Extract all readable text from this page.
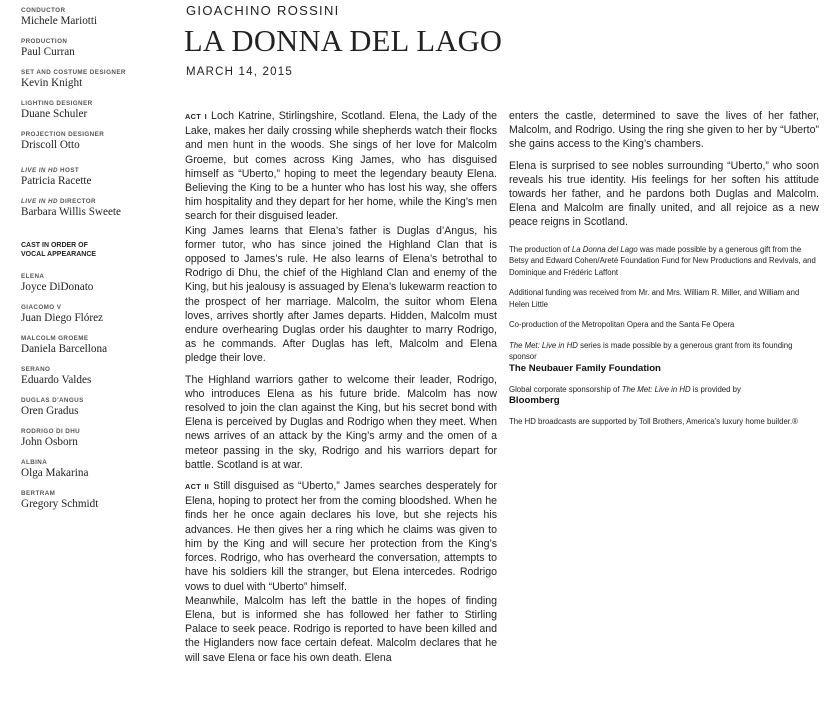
CONDUCTOR
Michele Mariotti
PRODUCTION
Paul Curran
SET AND COSTUME DESIGNER
Kevin Knight
LIGHTING DESIGNER
Duane Schuler
PROJECTION DESIGNER
Driscoll Otto
LIVE IN HD HOST
Patricia Racette
LIVE IN HD DIRECTOR
Barbara Willis Sweete
CAST IN ORDER OF
VOCAL APPEARANCE
ELENA
Joyce DiDonato
GIACOMO V
Juan Diego Flórez
MALCOLM GROEME
Daniela Barcellona
SERANO
Eduardo Valdes
DUGLAS D'ANGUS
Oren Gradus
RODRIGO DI DHU
John Osborn
ALBINA
Olga Makarina
BERTRAM
Gregory Schmidt
GIOACHINO ROSSINI
LA DONNA DEL LAGO
MARCH 14, 2015

ACT I Loch Katrine, Stirlingshire, Scotland. Elena, the Lady of the Lake, makes her daily crossing while shepherds watch their flocks and men hunt in the woods. She sings of her love for Malcolm Groeme, but comes across King James, who has disguised himself as “Uberto,” hoping to meet the legendary beauty Elena. Believing the King to be a hunter who has lost his way, she offers him hospitality and they depart for her home, while the King’s men search for their disguised leader.

King James learns that Elena’s father is Duglas d’Angus, his former tutor, who has since joined the Highland Clan that is opposed to James’s rule. He also learns of Elena’s betrothal to Rodrigo di Dhu, the chief of the Highland Clan and enemy of the King, but his jealousy is assuaged by Elena’s lukewarm reaction to the prospect of her marriage. Malcolm, the suitor whom Elena loves, arrives shortly after James departs. Hidden, Malcolm must endure overhearing Duglas order his daughter to marry Rodrigo, as he commands. After Duglas has left, Malcolm and Elena pledge their love.

The Highland warriors gather to welcome their leader, Rodrigo, who introduces Elena as his future bride. Malcolm has now resolved to join the clan against the King, but his secret bond with Elena is perceived by Duglas and Rodrigo when they meet. When news arrives of an attack by the King’s army and the omen of a meteor passing in the sky, Rodrigo and his warriors depart for battle. Scotland is at war.

ACT II Still disguised as “Uberto,” James searches desperately for Elena, hoping to protect her from the coming bloodshed. When he finds her he once again declares his love, but she rejects his advances. He then gives her a ring which he claims was given to him by the King and will secure her protection from the King’s forces. Rodrigo, who has overheard the conversation, attempts to have his soldiers kill the stranger, but Elena intercedes. Rodrigo vows to duel with “Uberto” himself.

Meanwhile, Malcolm has left the battle in the hopes of finding Elena, but is informed she has followed her father to Stirling Palace to seek peace. Rodrigo is reported to have been killed and the Higlanders now face certain defeat. Malcolm declares that he will save Elena or face his own death. Elena

enters the castle, determined to save the lives of her father, Malcolm, and Rodrigo. Using the ring she given to her by “Uberto” she gains access to the King’s chambers.

Elena is surprised to see nobles surrounding “Uberto,” who soon reveals his true identity. His feelings for her soften his attitude towards her father, and he pardons both Duglas and Malcolm. Elena and Malcolm are finally united, and all rejoice as a new peace reigns in Scotland.

The production of La Donna del Lago was made possible by a generous gift from the Betsy and Edward Cohen/Areté Foundation Fund for New Productions and Revivals, and Dominique and Frédéric Laffont

Additional funding was received from Mr. and Mrs. William R. Miller, and William and Helen Little

Co-production of the Metropolitan Opera and the Santa Fe Opera

The Met: Live in HD series is made possible by a generous grant from its founding sponsor
The Neubauer Family Foundation

Global corporate sponsorship of The Met: Live in HD is provided by
Bloomberg

The HD broadcasts are supported by Toll Brothers, America’s luxury home builder.®
